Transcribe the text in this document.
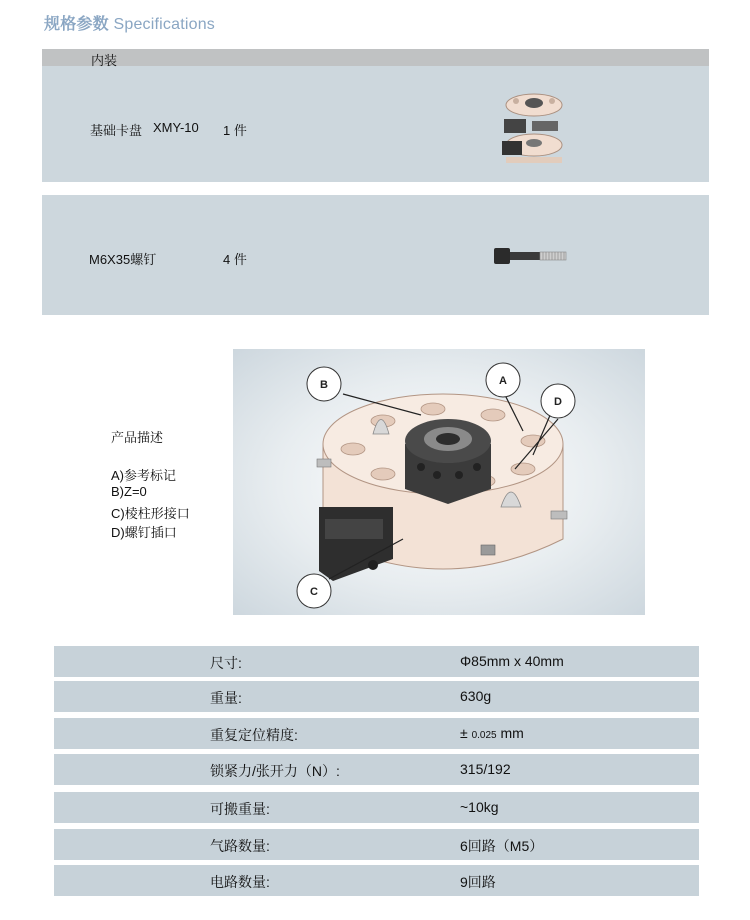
规格参数 Specifications
内装
基础卡盘 XMY-10 1 件
M6X35螺钉	4 件
A
B
C
D
产品描述
A)参考标记
B)Z=0
C)棱柱形接口
D)螺钉插口
尺寸:	Φ85mm x 40mm
重量:	630g
重复定位精度:	± 0.025 mm
锁紧力/张开力（N）:	315/192
可搬重量:	~10kg
气路数量:	6回路（M5）
电路数量:	9回路
